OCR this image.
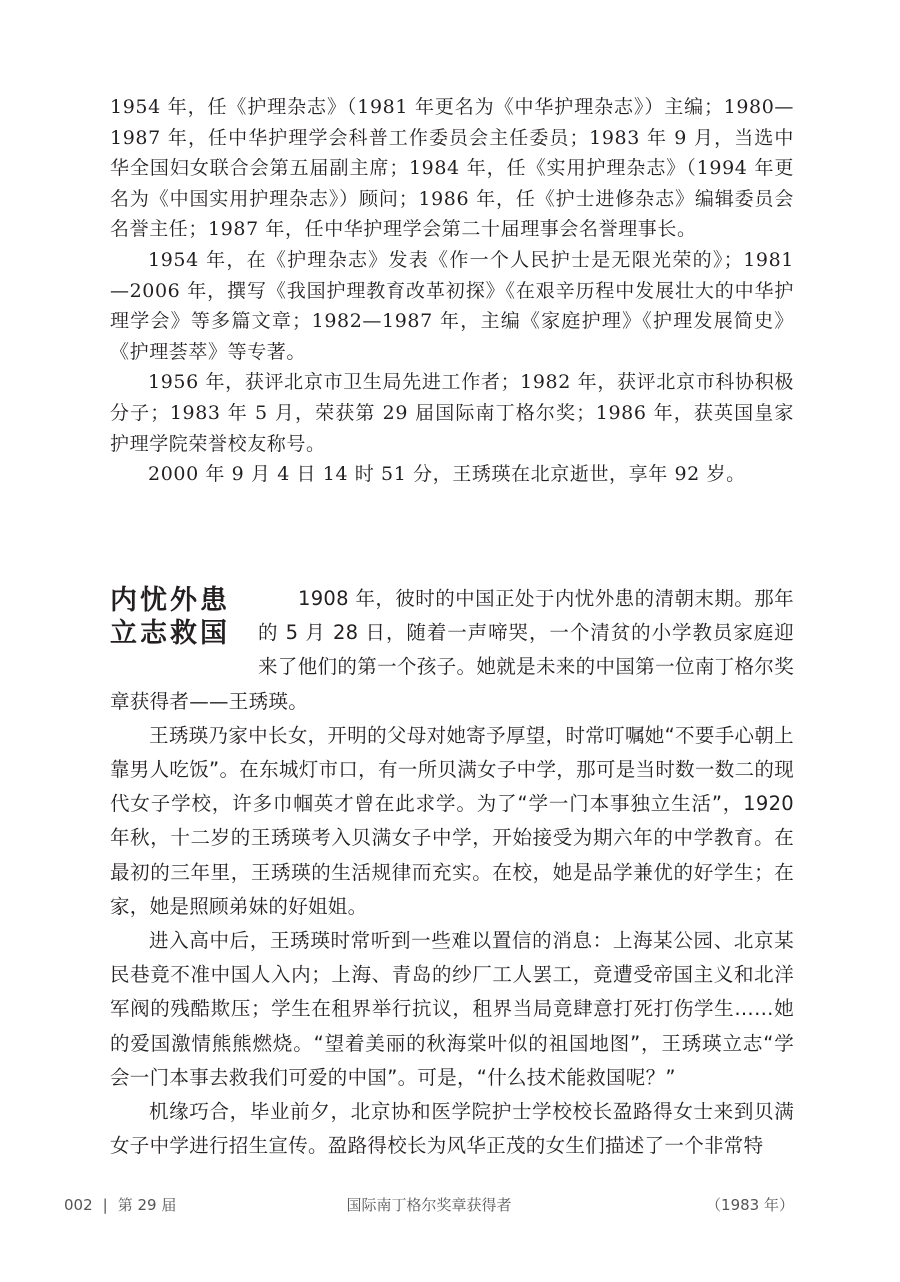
1954 年，任《护理杂志》（1981 年更名为《中华护理杂志》）主编；1980—1987 年，任中华护理学会科普工作委员会主任委员；1983 年 9 月，当选中华全国妇女联合会第五届副主席；1984 年，任《实用护理杂志》（1994 年更名为《中国实用护理杂志》）顾问；1986 年，任《护士进修杂志》编辑委员会名誉主任；1987 年，任中华护理学会第二十届理事会名誉理事长。

1954 年，在《护理杂志》发表《作一个人民护士是无限光荣的》；1981—2006 年，撰写《我国护理教育改革初探》《在艰辛历程中发展壮大的中华护理学会》等多篇文章；1982—1987 年，主编《家庭护理》《护理发展简史》《护理荟萃》等专著。

1956 年，获评北京市卫生局先进工作者；1982 年，获评北京市科协积极分子；1983 年 5 月，荣获第 29 届国际南丁格尔奖；1986 年，获英国皇家护理学院荣誉校友称号。

2000 年 9 月 4 日 14 时 51 分，王琇瑛在北京逝世，享年 92 岁。

内忧外患
立志救国

1908 年，彼时的中国正处于内忧外患的清朝末期。那年的 5 月 28 日，随着一声啼哭，一个清贫的小学教员家庭迎来了他们的第一个孩子。她就是未来的中国第一位南丁格尔奖章获得者——王琇瑛。

王琇瑛乃家中长女，开明的父母对她寄予厚望，时常叮嘱她“不要手心朝上靠男人吃饭”。在东城灯市口，有一所贝满女子中学，那可是当时数一数二的现代女子学校，许多巾帼英才曾在此求学。为了“学一门本事独立生活”，1920 年秋，十二岁的王琇瑛考入贝满女子中学，开始接受为期六年的中学教育。在最初的三年里，王琇瑛的生活规律而充实。在校，她是品学兼优的好学生；在家，她是照顾弟妹的好姐姐。

进入高中后，王琇瑛时常听到一些难以置信的消息：上海某公园、北京某民巷竟不准中国人入内；上海、青岛的纱厂工人罢工，竟遭受帝国主义和北洋军阀的残酷欺压；学生在租界举行抗议，租界当局竟肆意打死打伤学生……她的爱国激情熊熊燃烧。“望着美丽的秋海棠叶似的祖国地图”，王琇瑛立志“学会一门本事去救我们可爱的中国”。可是，“什么技术能救国呢？”

机缘巧合，毕业前夕，北京协和医学院护士学校校长盈路得女士来到贝满女子中学进行招生宣传。盈路得校长为风华正茂的女生们描述了一个非常特

002 | 第 29 届	国际南丁格尔奖章获得者	（1983 年）
